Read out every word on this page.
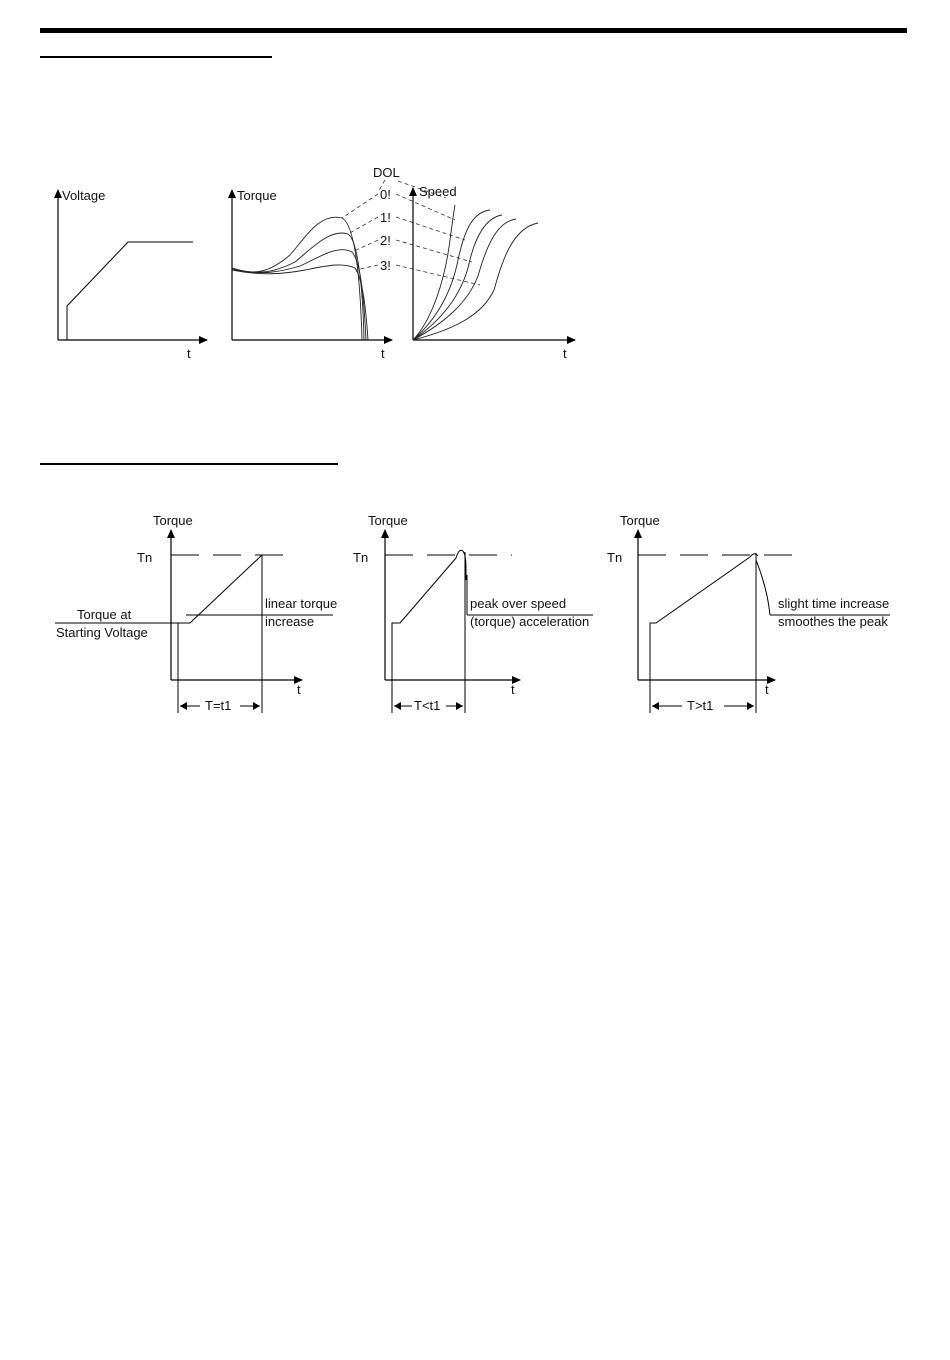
Voltage
t
Torque
t
DOL
0!
1!
2!
3!
Speed
t
Torque
Tn
t
Torque at
Starting Voltage
linear torque
increase
T=t1
Torque
Tn
t
peak over speed
(torque) acceleration
T<t1
Torque
Tn
t
slight time increase
smoothes the peak
T>t1
